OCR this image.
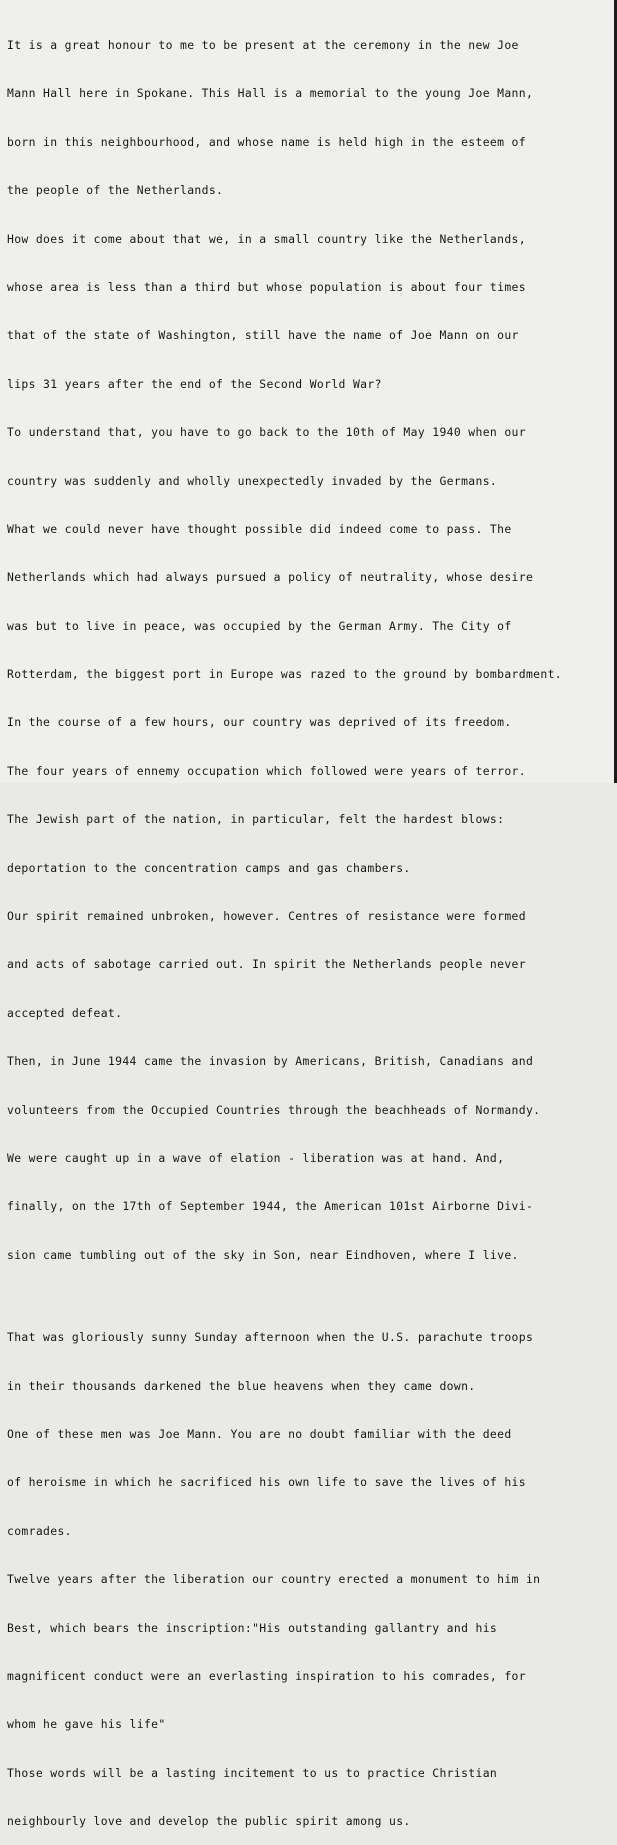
It is a great honour to me to be present at the ceremony in the new Joe

Mann Hall here in Spokane. This Hall is a memorial to the young Joe Mann,

born in this neighbourhood, and whose name is held high in the esteem of

the people of the Netherlands.

How does it come about that we, in a small country like the Netherlands,

whose area is less than a third but whose population is about four times

that of the state of Washington, still have the name of Joe Mann on our

lips 31 years after the end of the Second World War?

To understand that, you have to go back to the 10th of May 1940 when our

country was suddenly and wholly unexpectedly invaded by the Germans.

What we could never have thought possible did indeed come to pass. The

Netherlands which had always pursued a policy of neutrality, whose desire

was but to live in peace, was occupied by the German Army. The City of

Rotterdam, the biggest port in Europe was razed to the ground by bombardment.

In the course of a few hours, our country was deprived of its freedom.

The four years of ennemy occupation which followed were years of terror.

The Jewish part of the nation, in particular, felt the hardest blows:

deportation to the concentration camps and gas chambers.

Our spirit remained unbroken, however. Centres of resistance were formed

and acts of sabotage carried out. In spirit the Netherlands people never

accepted defeat.

Then, in June 1944 came the invasion by Americans, British, Canadians and

volunteers from the Occupied Countries through the beachheads of Normandy.

We were caught up in a wave of elation - liberation was at hand. And,

finally, on the 17th of September 1944, the American 101st Airborne Divi-

sion came tumbling out of the sky in Son, near Eindhoven, where I live.

That was gloriously sunny Sunday afternoon when the U.S. parachute troops

in their thousands darkened the blue heavens when they came down.

One of these men was Joe Mann. You are no doubt familiar with the deed

of heroisme in which he sacrificed his own life to save the lives of his

comrades.

Twelve years after the liberation our country erected a monument to him in

Best, which bears the inscription:"His outstanding gallantry and his

magnificent conduct were an everlasting inspiration to his comrades, for

whom he gave his life"

Those words will be a lasting incitement to us to practice Christian

neighbourly love and develop the public spirit among us.
